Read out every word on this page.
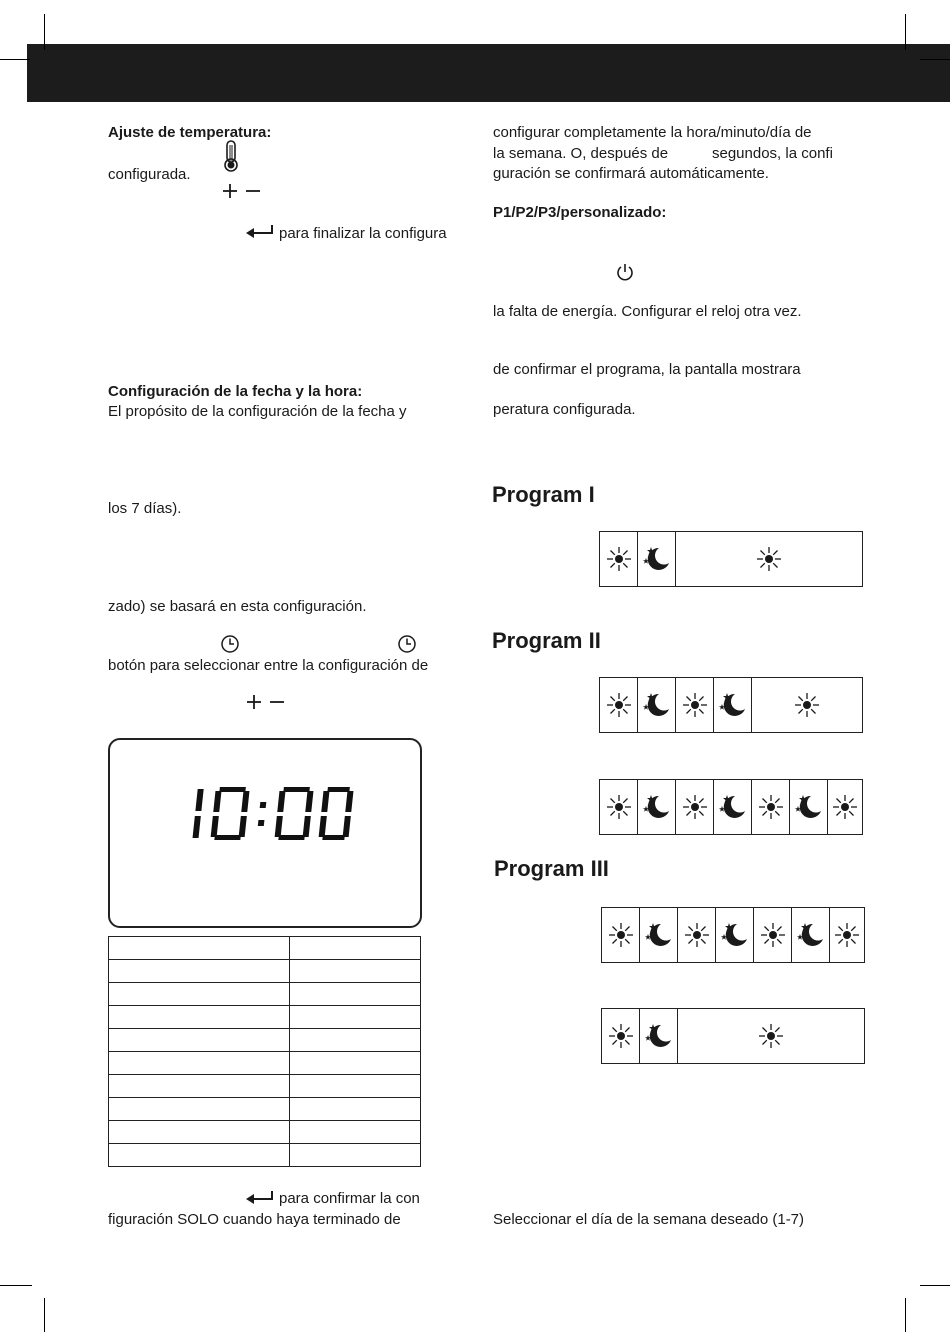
Ajuste de temperatura:
configurada.
para finalizar la configura
Configuración de la fecha y la hora:
El propósito de la configuración de la fecha y
los 7 días).
zado) se basará en esta configuración.
botón para seleccionar entre la configuración de

para confirmar la con
figuración SOLO cuando haya terminado de
configurar completamente la hora/minuto/día de
la semana. O, después de	segundos, la confi
guración se confirmará automáticamente.
P1/P2/P3/personalizado:
la falta de energía. Configurar el reloj otra vez.
de confirmar el programa, la pantalla mostrara
peratura configurada.
Program I
Program II
Program III
Seleccionar el día de la semana deseado (1-7)
